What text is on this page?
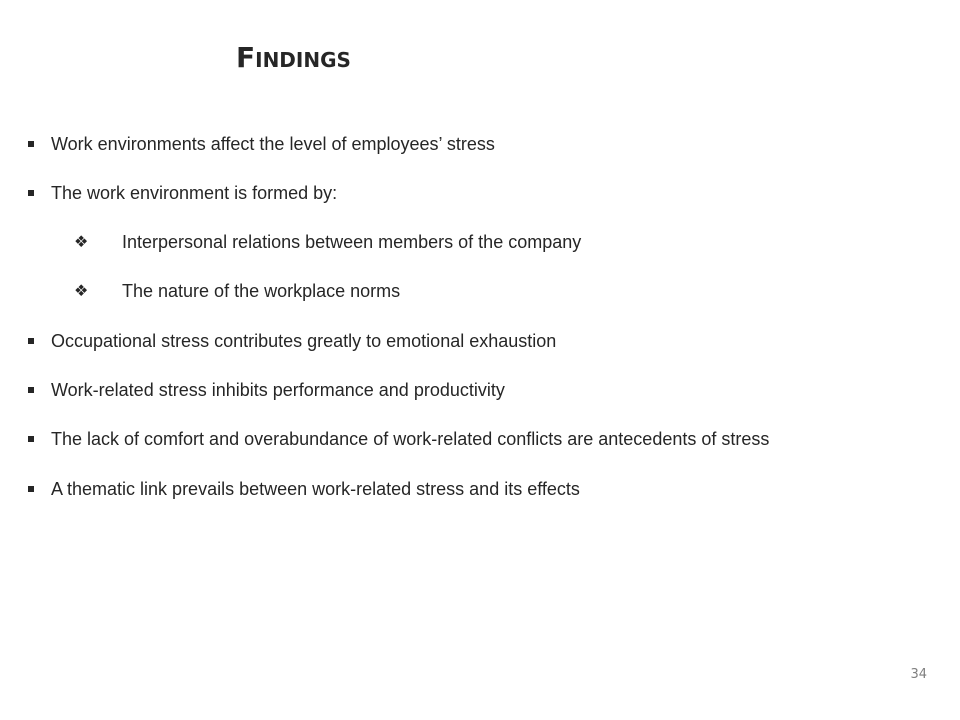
Findings
Work environments affect the level of employees’ stress
The work environment is formed by:
❖ Interpersonal relations between members of the company
❖ The nature of the workplace norms
Occupational stress contributes greatly to emotional exhaustion
Work-related stress inhibits performance and productivity
The lack of comfort and overabundance of work-related conflicts are antecedents of stress
A thematic link prevails between work-related stress and its effects
34
